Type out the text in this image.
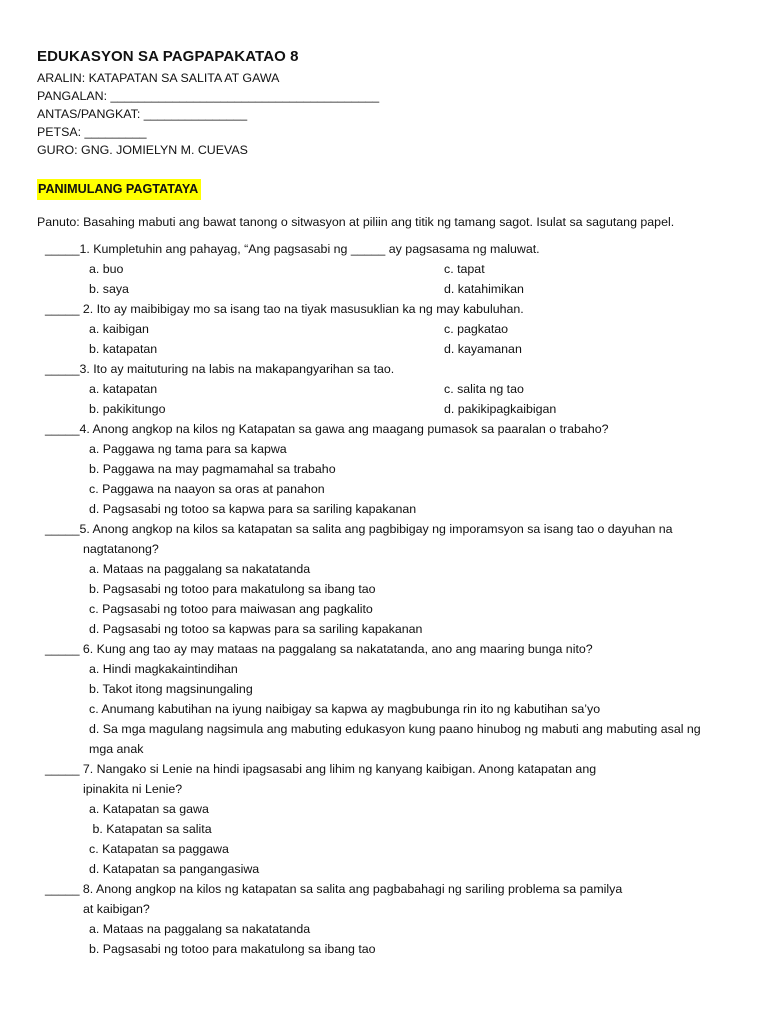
EDUKASYON SA PAGPAPAKATAO 8
ARALIN: KATAPATAN SA SALITA AT GAWA
PANGALAN: _______________________________________
ANTAS/PANGKAT: _______________
PETSA: _________
GURO: GNG. JOMIELYN M. CUEVAS
PANIMULANG PAGTATAYA
Panuto: Basahing mabuti ang bawat tanong o sitwasyon at piliin ang titik ng tamang sagot. Isulat sa sagutang papel.
_____1. Kumpletuhin ang pahayag, “Ang pagsasabi ng _____ ay pagsasama ng maluwat.
a. buo	c. tapat
b. saya	d. katahimikan
_____ 2. Ito ay maibibigay mo sa isang tao na tiyak masusuklian ka ng may kabuluhan.
a. kaibigan	c. pagkatao
b. katapatan	d. kayamanan
_____3. Ito ay maituturing na labis na makapangyarihan sa tao.
a. katapatan	c. salita ng tao
b. pakikitungo	d. pakikipagkaibigan
_____4. Anong angkop na kilos ng Katapatan sa gawa ang maagang pumasok sa paaralan o trabaho?
a. Paggawa ng tama para sa kapwa
b. Paggawa na may pagmamahal sa trabaho
c. Paggawa na naayon sa oras at panahon
d. Pagsasabi ng totoo sa kapwa para sa sariling kapakanan
_____5. Anong angkop na kilos sa katapatan sa salita ang pagbibigay ng imporamsyon sa isang tao o dayuhan na
nagtatanong?
a. Mataas na paggalang sa nakatatanda
b. Pagsasabi ng totoo para makatulong sa ibang tao
c. Pagsasabi ng totoo para maiwasan ang pagkalito
d. Pagsasabi ng totoo sa kapwas para sa sariling kapakanan
_____ 6. Kung ang tao ay may mataas na paggalang sa nakatatanda, ano ang maaring bunga nito?
a. Hindi magkakaintindihan
b. Takot itong magsinungaling
c. Anumang kabutihan na iyung naibigay sa kapwa ay magbubunga rin ito ng kabutihan sa’yo
d. Sa mga magulang nagsimula ang mabuting edukasyon kung paano hinubog ng mabuti ang mabuting asal ng mga anak
_____ 7. Nangako si Lenie na hindi ipagsasabi ang lihim ng kanyang kaibigan. Anong katapatan ang
ipinakita ni Lenie?
a. Katapatan sa gawa
b. Katapatan sa salita
c. Katapatan sa paggawa
d. Katapatan sa pangangasiwa
_____ 8. Anong angkop na kilos ng katapatan sa salita ang pagbabahagi ng sariling problema sa pamilya
at kaibigan?
a. Mataas na paggalang sa nakatatanda
b. Pagsasabi ng totoo para makatulong sa ibang tao
